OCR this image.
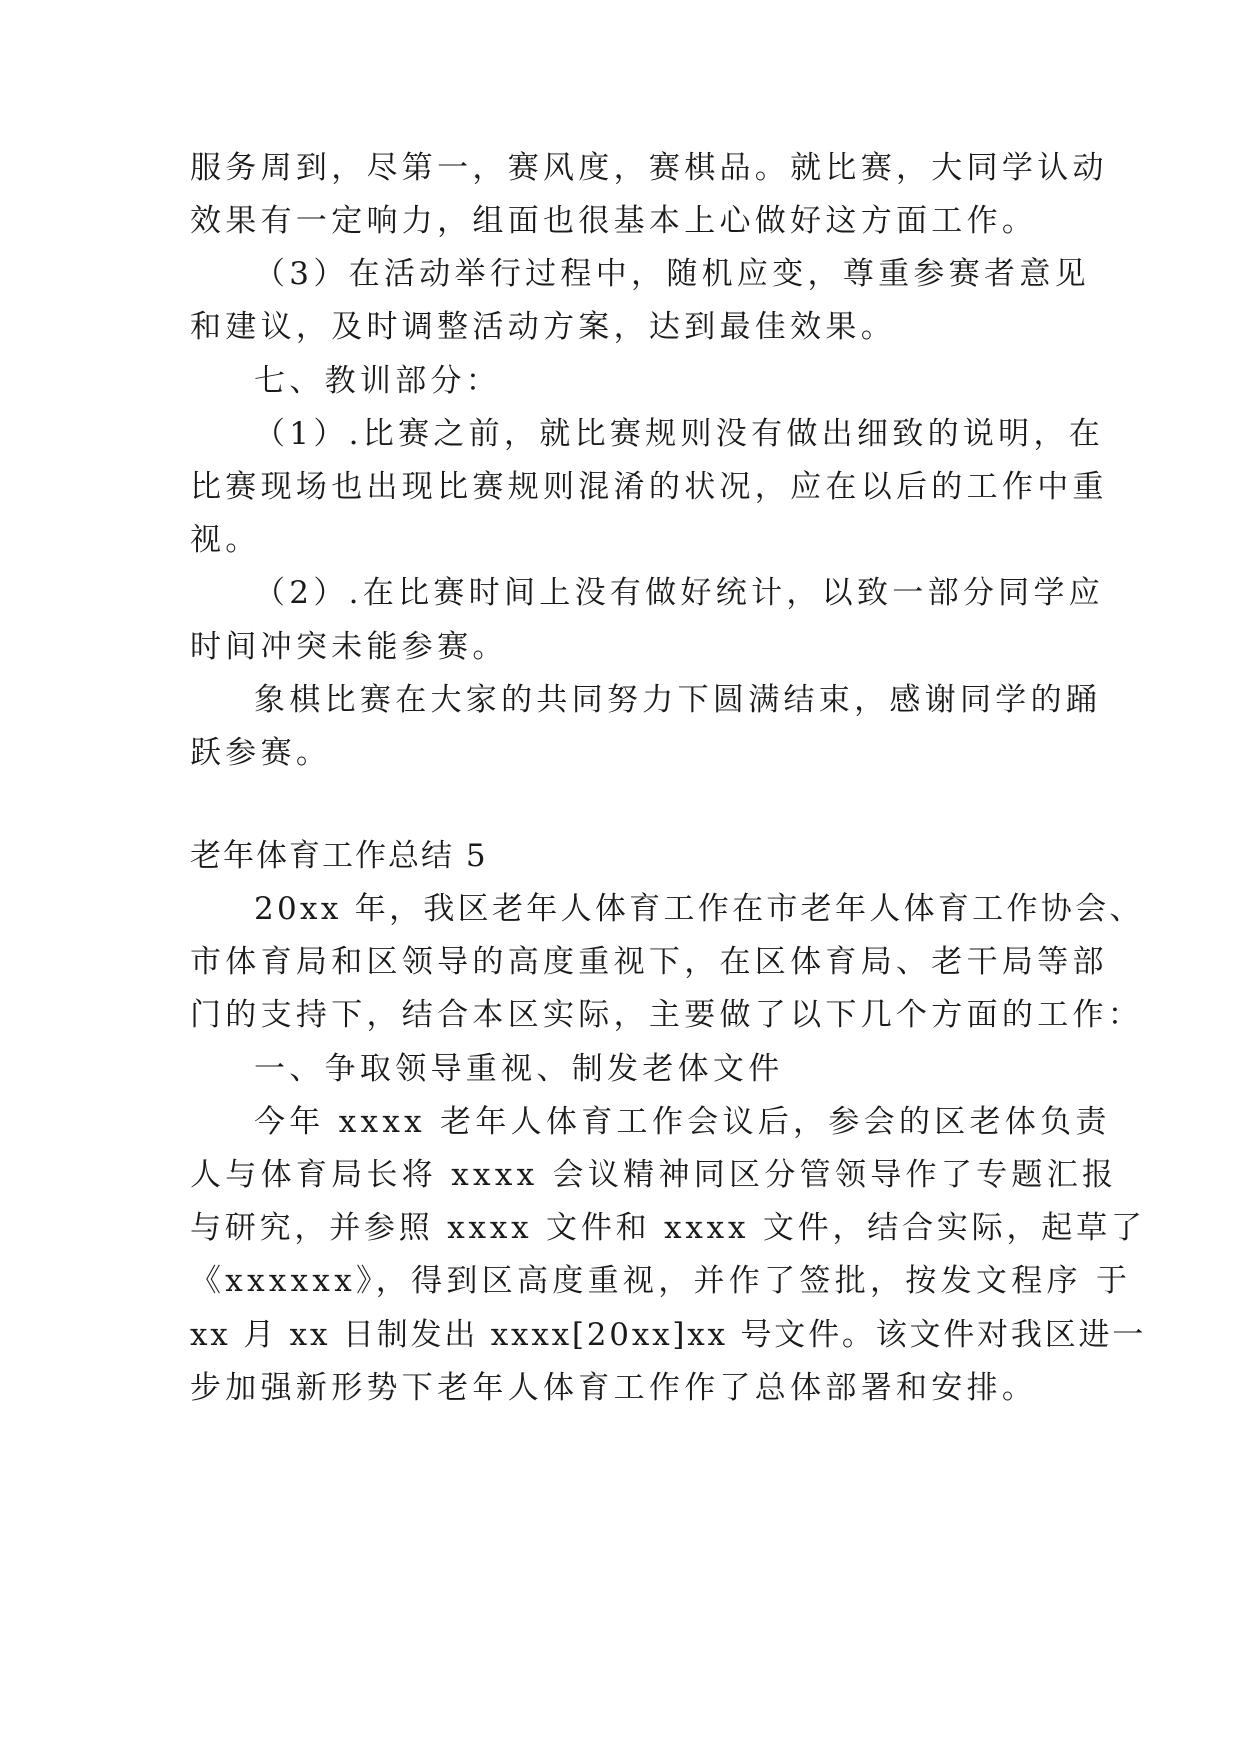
服务周到，尽第一，赛风度，赛棋品。就比赛，大同学认动
效果有一定响力，组面也很基本上心做好这方面工作。
（3）在活动举行过程中，随机应变，尊重参赛者意见
和建议，及时调整活动方案，达到最佳效果。
七、教训部分：
（1）.比赛之前，就比赛规则没有做出细致的说明，在
比赛现场也出现比赛规则混淆的状况，应在以后的工作中重
视。
（2）.在比赛时间上没有做好统计，以致一部分同学应
时间冲突未能参赛。
象棋比赛在大家的共同努力下圆满结束，感谢同学的踊
跃参赛。
老年体育工作总结 5
20xx 年，我区老年人体育工作在市老年人体育工作协会、
市体育局和区领导的高度重视下，在区体育局、老干局等部
门的支持下，结合本区实际，主要做了以下几个方面的工作：
一、争取领导重视、制发老体文件
今年 xxxx 老年人体育工作会议后，参会的区老体负责
人与体育局长将 xxxx 会议精神同区分管领导作了专题汇报
与研究，并参照 xxxx 文件和 xxxx 文件，结合实际，起草了
《xxxxxx》，得到区高度重视，并作了签批，按发文程序 于
xx 月 xx 日制发出 xxxx[20xx]xx 号文件。该文件对我区进一
步加强新形势下老年人体育工作作了总体部署和安排。
